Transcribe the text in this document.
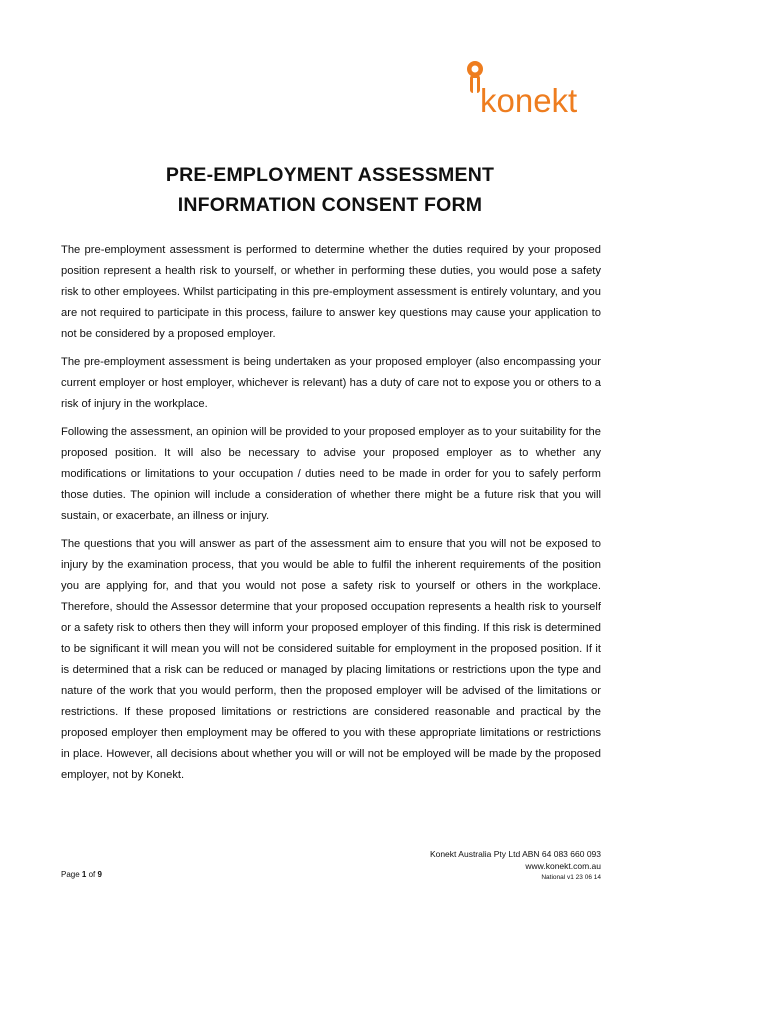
konekt
PRE-EMPLOYMENT ASSESSMENT
INFORMATION CONSENT FORM

The pre-employment assessment is performed to determine whether the duties required by your proposed position represent a health risk to yourself, or whether in performing these duties, you would pose a safety risk to other employees. Whilst participating in this pre-employment assessment is entirely voluntary, and you are not required to participate in this process, failure to answer key questions may cause your application to not be considered by a proposed employer.

The pre-employment assessment is being undertaken as your proposed employer (also encompassing your current employer or host employer, whichever is relevant) has a duty of care not to expose you or others to a risk of injury in the workplace.

Following the assessment, an opinion will be provided to your proposed employer as to your suitability for the proposed position. It will also be necessary to advise your proposed employer as to whether any modifications or limitations to your occupation / duties need to be made in order for you to safely perform those duties. The opinion will include a consideration of whether there might be a future risk that you will sustain, or exacerbate, an illness or injury.

The questions that you will answer as part of the assessment aim to ensure that you will not be exposed to injury by the examination process, that you would be able to fulfil the inherent requirements of the position you are applying for, and that you would not pose a safety risk to yourself or others in the workplace. Therefore, should the Assessor determine that your proposed occupation represents a health risk to yourself or a safety risk to others then they will inform your proposed employer of this finding. If this risk is determined to be significant it will mean you will not be considered suitable for employment in the proposed position. If it is determined that a risk can be reduced or managed by placing limitations or restrictions upon the type and nature of the work that you would perform, then the proposed employer will be advised of the limitations or restrictions. If these proposed limitations or restrictions are considered reasonable and practical by the proposed employer then employment may be offered to you with these appropriate limitations or restrictions in place. However, all decisions about whether you will or will not be employed will be made by the proposed employer, not by Konekt.

Page 1 of 9
Konekt Australia Pty Ltd ABN 64 083 660 093
www.konekt.com.au
National v1 23 06 14
